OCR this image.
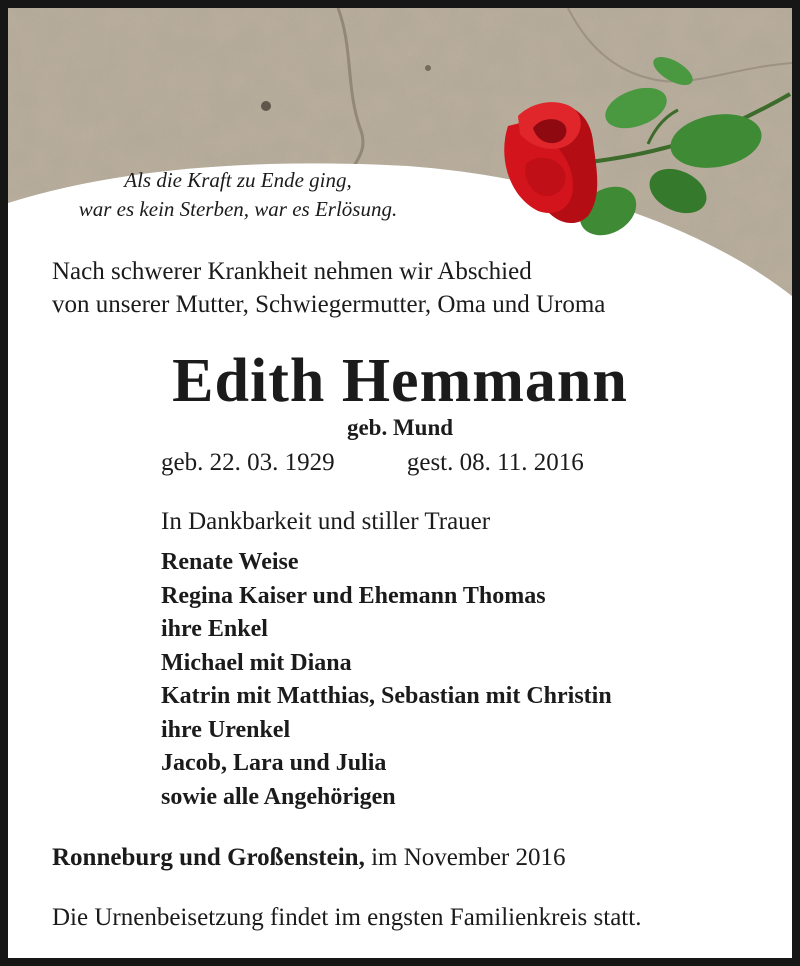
Als die Kraft zu Ende ging,
war es kein Sterben, war es Erlösung.
Nach schwerer Krankheit nehmen wir Abschied
von unserer Mutter, Schwiegermutter, Oma und Uroma
Edith Hemmann
geb. Mund
geb. 22. 03. 1929	gest. 08. 11. 2016
In Dankbarkeit und stiller Trauer
Renate Weise
Regina Kaiser und Ehemann Thomas
ihre Enkel
Michael mit Diana
Katrin mit Matthias, Sebastian mit Christin
ihre Urenkel
Jacob, Lara und Julia
sowie alle Angehörigen
Ronneburg und Großenstein, im November 2016
Die Urnenbeisetzung findet im engsten Familienkreis statt.
